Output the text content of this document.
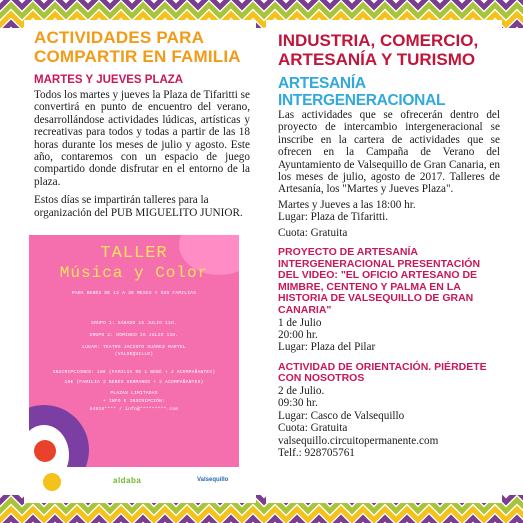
ACTIVIDADES PARA
COMPARTIR EN FAMILIA
MARTES Y JUEVES PLAZA
Todos los martes y jueves la Plaza de Tifaritti se convertirá en punto de encuentro del verano, desarrollándose actividades lúdicas, artísticas y recreativas para todos y todas a partir de las 18 horas durante los meses de julio y agosto. Este año, contaremos con un espacio de juego compartido donde disfrutar en el entorno de la plaza.
Estos días se impartirán talleres para la organización del PUB MIGUELITO JUNIOR.
TALLER
Música y Color
PARA BEBÉS DE 12 A 36 MESES Y SUS FAMILIAS
GRUPO 1: SÁBADO 15 JULIO 11H.
GRUPO 2: DOMINGO 16 JULIO 11H.
LUGAR: TEATRO JACINTO SUÁREZ MARTEL
(VALSEQUILLO)
INSCRIPCIONES: 10€ (FAMILIA DE 1 BEBÉ + 2 ACOMPAÑANTES)
15€ (FAMILIA 2 BEBÉS HERMANOS + 2 ACOMPAÑANTES)
PLAZAS LIMITADAS
+ INFO E INSCRIPCIÓN:
64916**** / info@*********.com
aldaba	Valsequillo
INDUSTRIA, COMERCIO,
ARTESANÍA Y TURISMO
ARTESANÍA INTERGENERACIONAL
Las actividades que se ofrecerán dentro del proyecto de intercambio intergeneracional se inscribe en la cartera de actividades que se ofrecen en la Campaña de Verano del Ayuntamiento de Valsequillo de Gran Canaria, en los meses de julio, agosto de 2017. Talleres de Artesanía, los "Martes y Jueves Plaza".
Martes y Jueves a las 18:00 hr.
Lugar: Plaza de Tifaritti.
Cuota: Gratuita
PROYECTO DE ARTESANÍA INTERGENERACIONAL PRESENTACIÓN DEL VIDEO: "EL OFICIO ARTESANO DE MIMBRE, CENTENO Y PALMA EN LA HISTORIA DE VALSEQUILLO DE GRAN CANARIA"
1 de Julio
20:00 hr.
Lugar: Plaza del Pilar
ACTIVIDAD DE ORIENTACIÓN. PIÉRDETE CON NOSOTROS
2 de Julio.
09:30 hr.
Lugar: Casco de Valsequillo
Cuota: Gratuita
valsequillo.circuitopermanente.com
Telf.: 928705761
